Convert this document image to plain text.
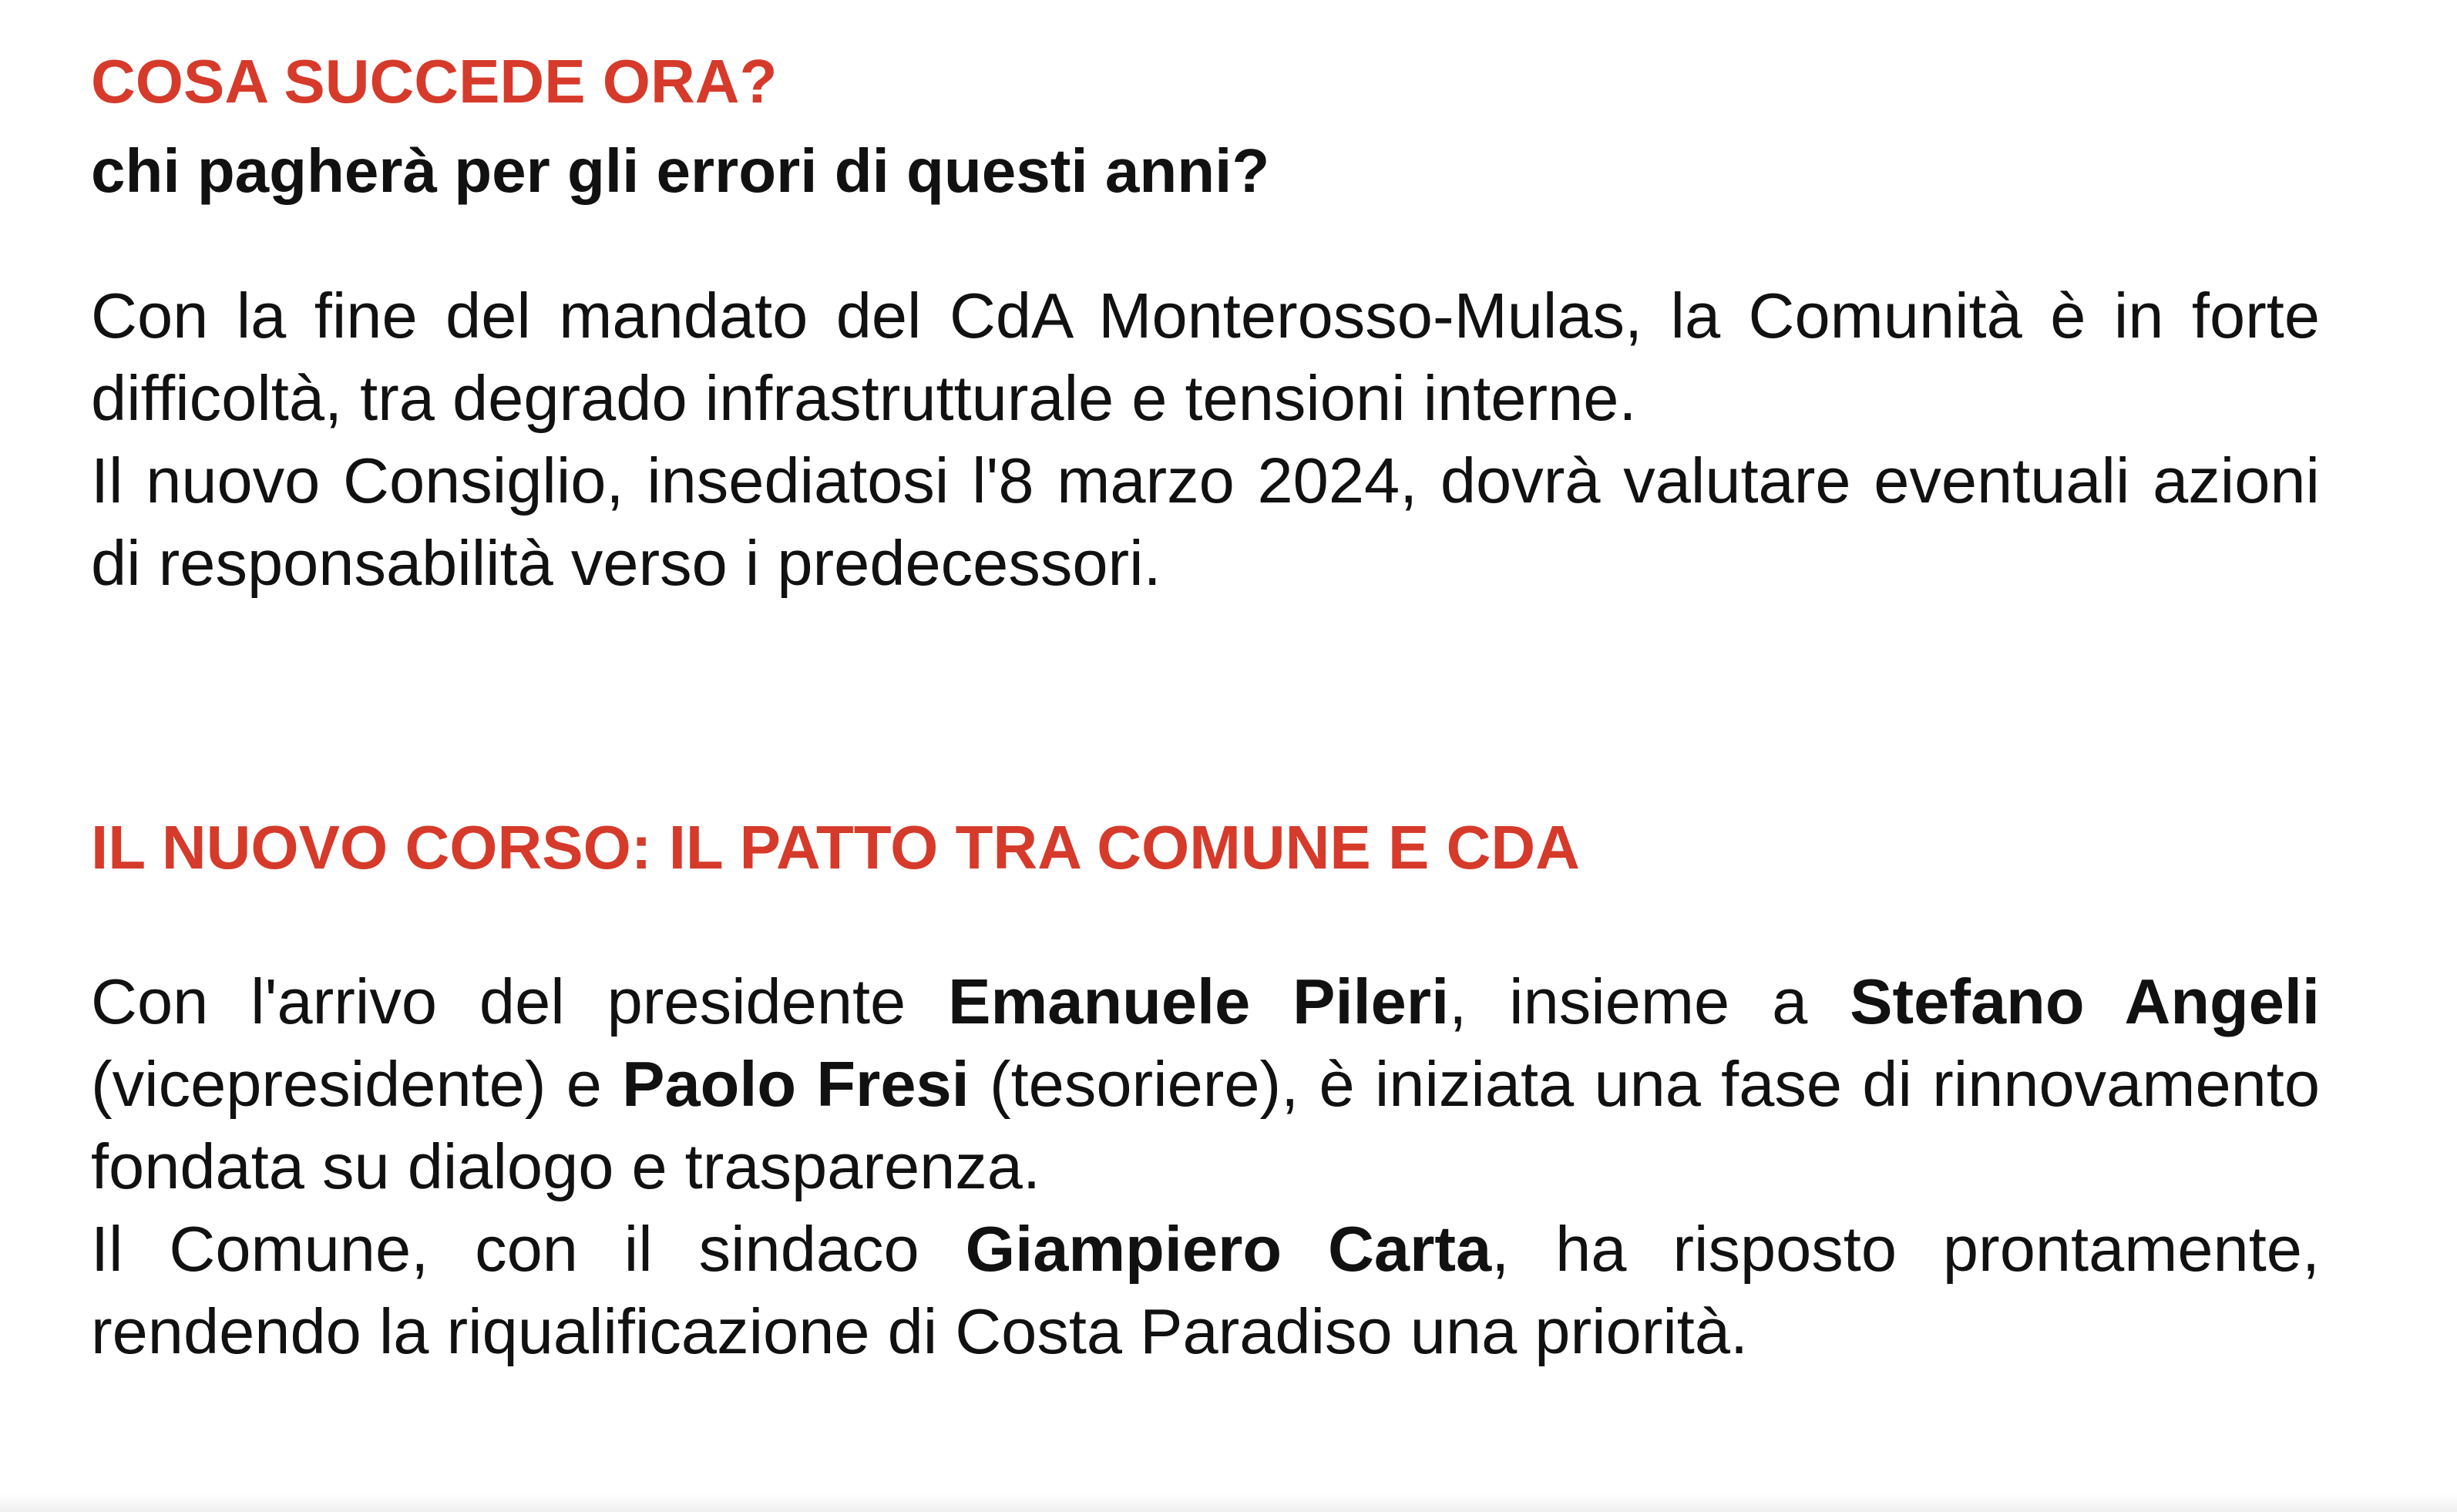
COSA SUCCEDE ORA?
chi pagherà per gli errori di questi anni?

Con la fine del mandato del CdA Monterosso-Mulas, la Comunità è in forte difficoltà, tra degrado infrastrutturale e tensioni interne.

Il nuovo Consiglio, insediatosi l'8 marzo 2024, dovrà valutare eventuali azioni di responsabilità verso i predecessori.

IL NUOVO CORSO: IL PATTO TRA COMUNE E CDA

Con l'arrivo del presidente Emanuele Pileri, insieme a Stefano Angeli (vicepresidente) e Paolo Fresi (tesoriere), è iniziata una fase di rinnovamento fondata su dialogo e trasparenza.

Il Comune, con il sindaco Giampiero Carta, ha risposto prontamente, rendendo la riqualificazione di Costa Paradiso una priorità.
